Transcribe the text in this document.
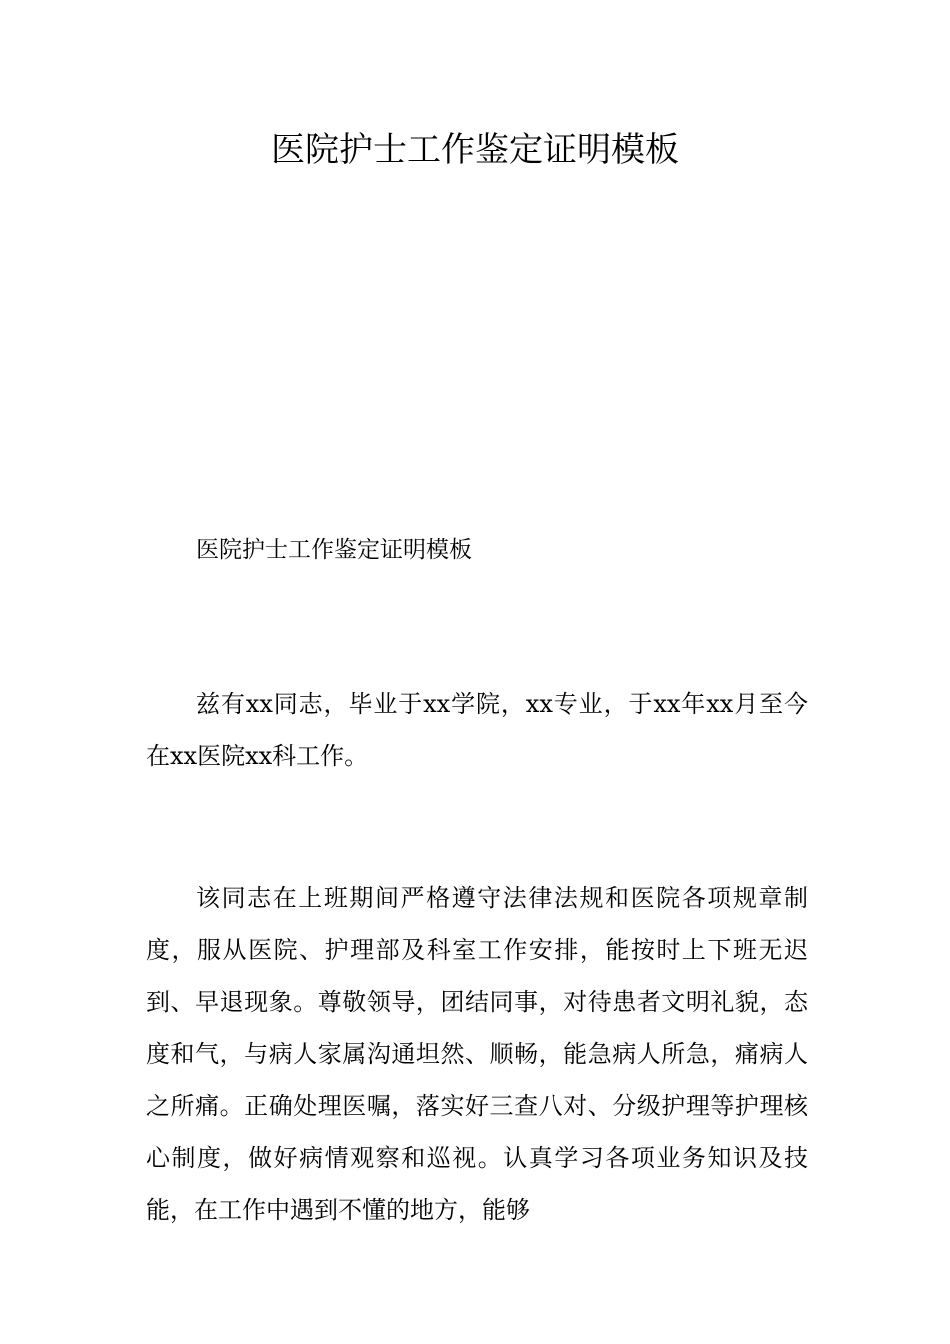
医院护士工作鉴定证明模板

医院护士工作鉴定证明模板

兹有xx同志，毕业于xx学院，xx专业，于xx年xx月至今在xx医院xx科工作。

该同志在上班期间严格遵守法律法规和医院各项规章制度，服从医院、护理部及科室工作安排，能按时上下班无迟到、早退现象。尊敬领导，团结同事，对待患者文明礼貌，态度和气，与病人家属沟通坦然、顺畅，能急病人所急，痛病人之所痛。正确处理医嘱，落实好三查八对、分级护理等护理核心制度，做好病情观察和巡视。认真学习各项业务知识及技能，在工作中遇到不懂的地方，能够
